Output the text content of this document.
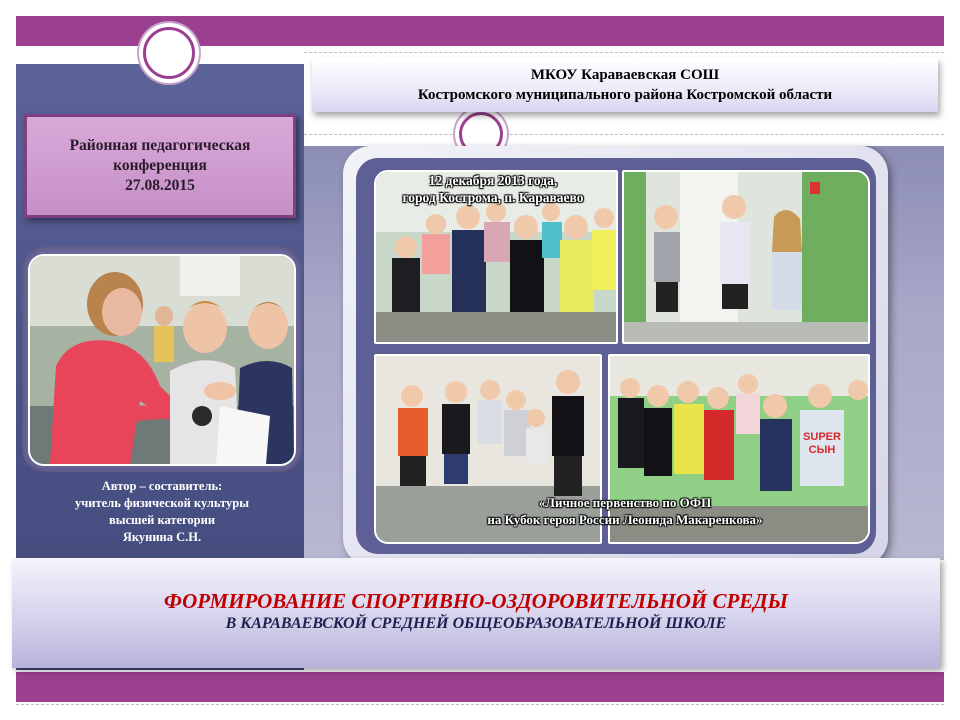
Районная педагогическая
конференция
27.08.2015
Автор – составитель:
учитель физической культуры
высшей категории
Якунина С.Н.
МКОУ Караваевская СОШ
Костромского муниципального района Костромской области
SUPER СЫН
12 декабря 2013 года,
город Кострома, п. Караваево
«Личное первенство по ОФП
на Кубок героя России Леонида Макаренкова»
ФОРМИРОВАНИЕ СПОРТИВНО-ОЗДОРОВИТЕЛЬНОЙ СРЕДЫ
В КАРАВАЕВСКОЙ СРЕДНЕЙ ОБЩЕОБРАЗОВАТЕЛЬНОЙ ШКОЛЕ
